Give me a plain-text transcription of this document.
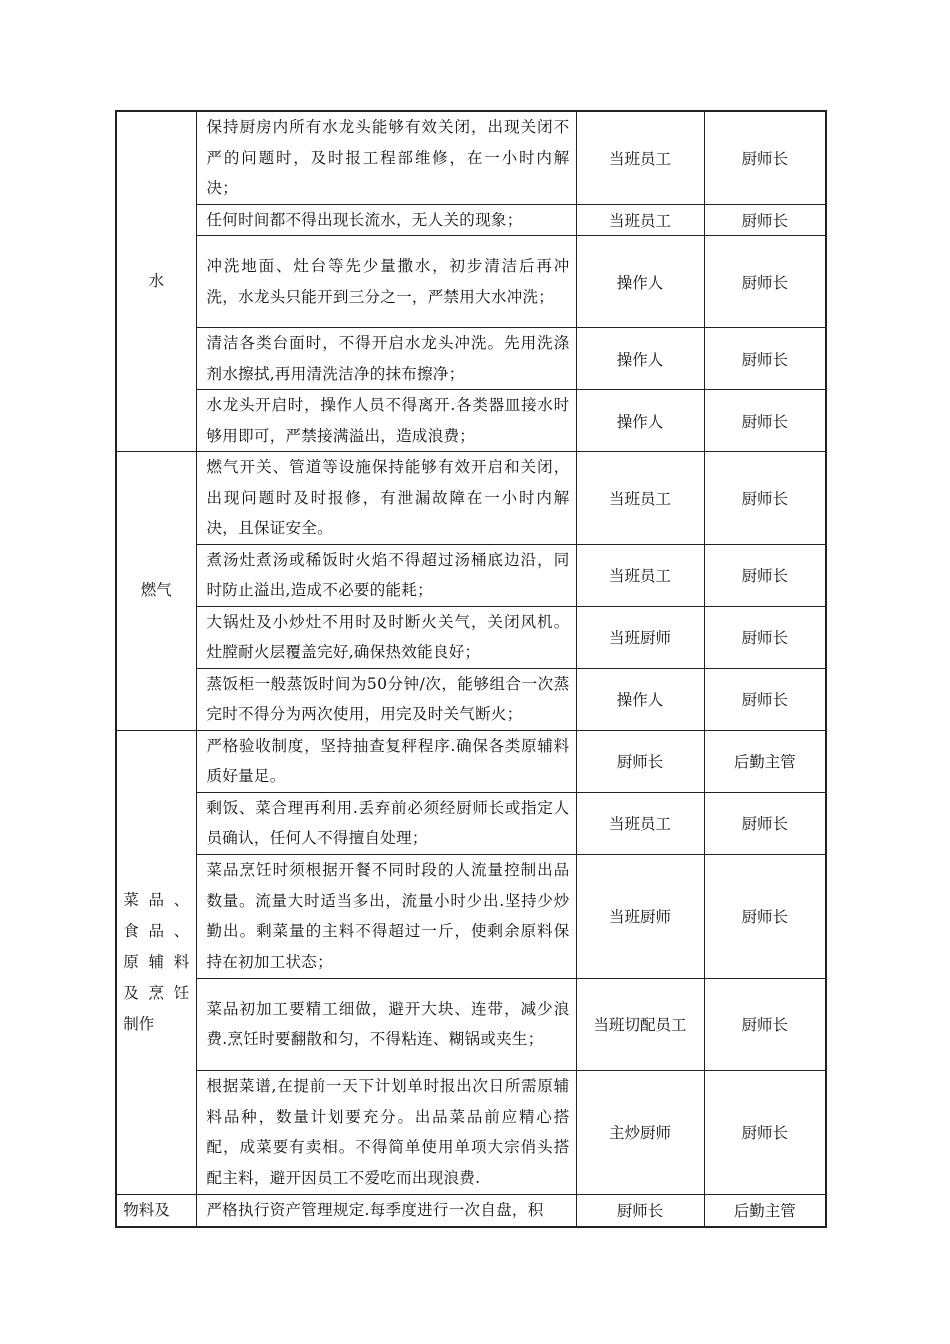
水	保持厨房内所有水龙头能够有效关闭，出现关闭不严的问题时，及时报工程部维修，在一小时内解决；	当班员工	厨师长
	任何时间都不得出现长流水，无人关的现象；	当班员工	厨师长
	冲洗地面、灶台等先少量撒水，初步清洁后再冲洗，水龙头只能开到三分之一，严禁用大水冲洗；	操作人	厨师长
	清洁各类台面时，不得开启水龙头冲洗。先用洗涤剂水擦拭,再用清洗洁净的抹布擦净；	操作人	厨师长
	水龙头开启时，操作人员不得离开.各类器皿接水时够用即可，严禁接满溢出，造成浪费；	操作人	厨师长
燃气	燃气开关、管道等设施保持能够有效开启和关闭，出现问题时及时报修，有泄漏故障在一小时内解决，且保证安全。	当班员工	厨师长
	煮汤灶煮汤或稀饭时火焰不得超过汤桶底边沿，同时防止溢出,造成不必要的能耗；	当班员工	厨师长
	大锅灶及小炒灶不用时及时断火关气，关闭风机。灶膛耐火层覆盖完好,确保热效能良好；	当班厨师	厨师长
	蒸饭柜一般蒸饭时间为50分钟/次，能够组合一次蒸完时不得分为两次使用，用完及时关气断火；	操作人	厨师长
菜品、 食品、 原辅料 及烹饪 制作	严格验收制度，坚持抽查复秤程序.确保各类原辅料质好量足。	厨师长	后勤主管
	剩饭、菜合理再利用.丢弃前必须经厨师长或指定人员确认，任何人不得擅自处理；	当班员工	厨师长
	菜品烹饪时须根据开餐不同时段的人流量控制出品数量。流量大时适当多出，流量小时少出.坚持少炒勤出。剩菜量的主料不得超过一斤，使剩余原料保持在初加工状态；	当班厨师	厨师长
	菜品初加工要精工细做，避开大块、连带，减少浪费.烹饪时要翻散和匀，不得粘连、糊锅或夹生；	当班切配员工	厨师长
	根据菜谱,在提前一天下计划单时报出次日所需原辅料品种，数量计划要充分。出品菜品前应精心搭配，成菜要有卖相。不得简单使用单项大宗俏头搭配主料，避开因员工不爱吃而出现浪费.	主炒厨师	厨师长
物料及	严格执行资产管理规定.每季度进行一次自盘，积	厨师长	后勤主管
